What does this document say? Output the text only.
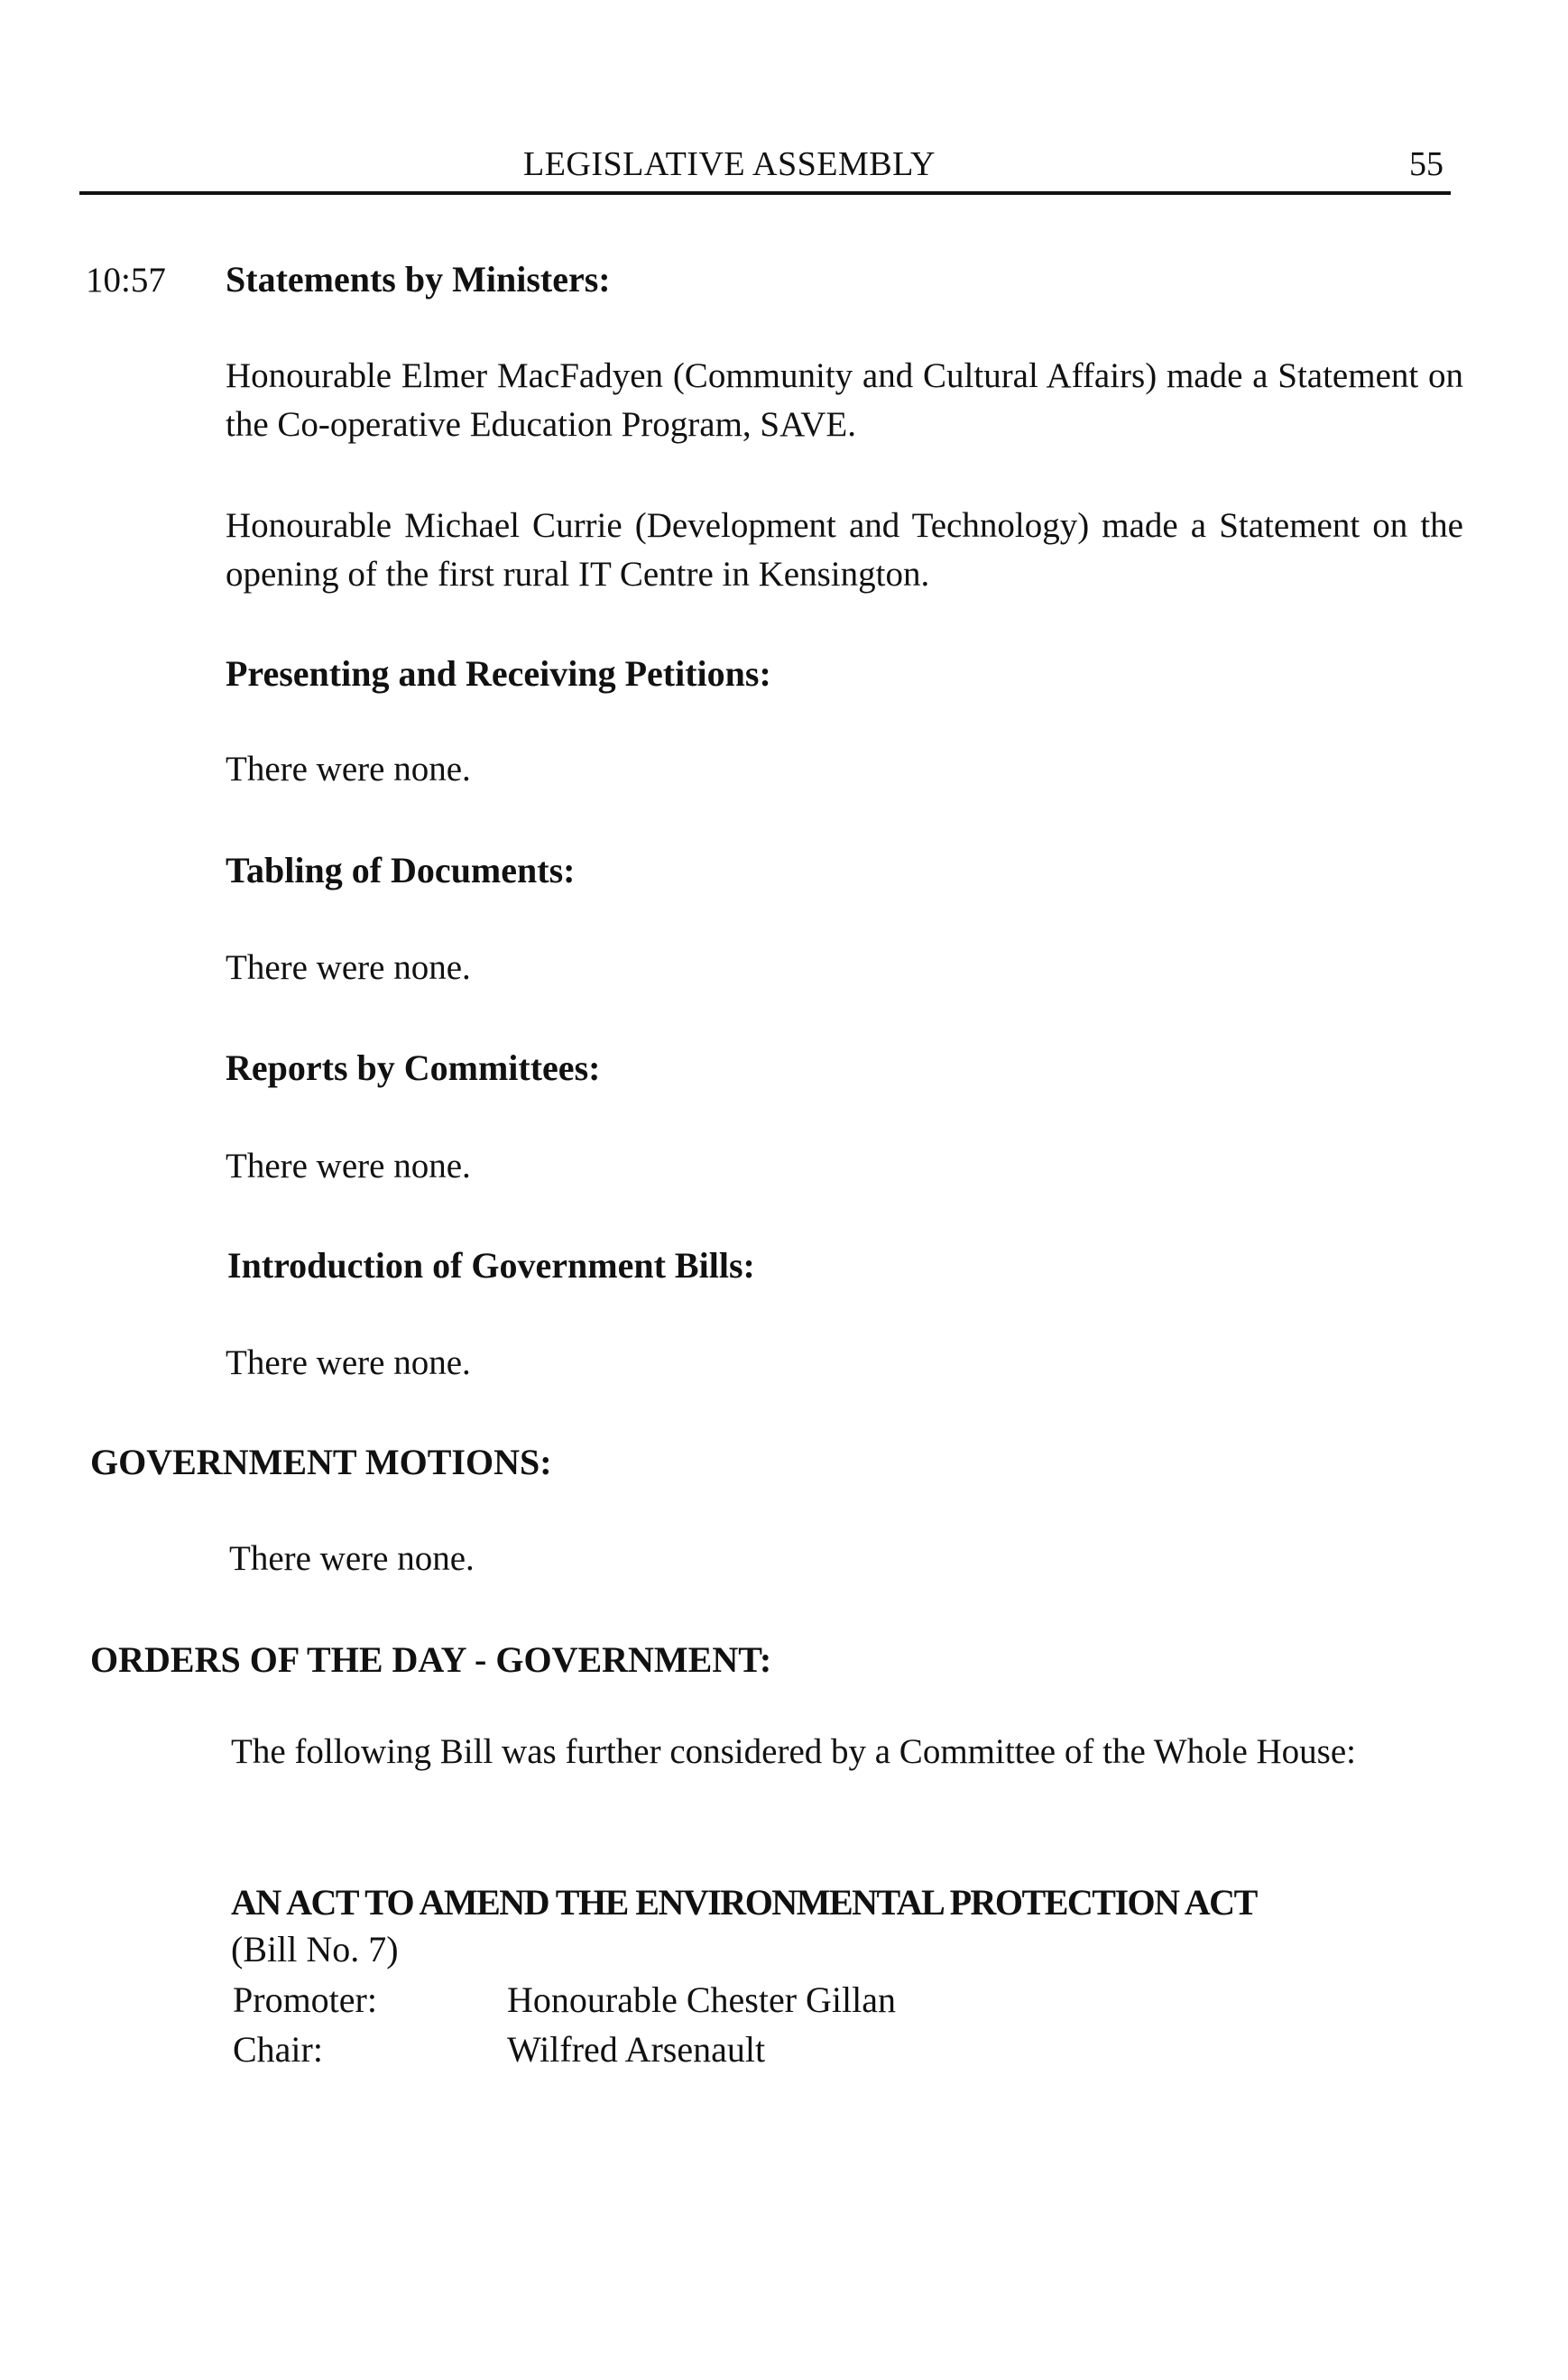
LEGISLATIVE ASSEMBLY	55
10:57 Statements by Ministers:
Honourable Elmer MacFadyen (Community and Cultural Affairs) made a Statement on the Co-operative Education Program, SAVE.
Honourable Michael Currie (Development and Technology) made a Statement on the opening of the first rural IT Centre in Kensington.
Presenting and Receiving Petitions:
There were none.
Tabling of Documents:
There were none.
Reports by Committees:
There were none.
Introduction of Government Bills:
There were none.
GOVERNMENT MOTIONS:
There were none.
ORDERS OF THE DAY - GOVERNMENT:
The following Bill was further considered by a Committee of the Whole House:
AN ACT TO AMEND THE ENVIRONMENTAL PROTECTION ACT
(Bill No. 7)
Promoter:	Honourable Chester Gillan
Chair:	Wilfred Arsenault
